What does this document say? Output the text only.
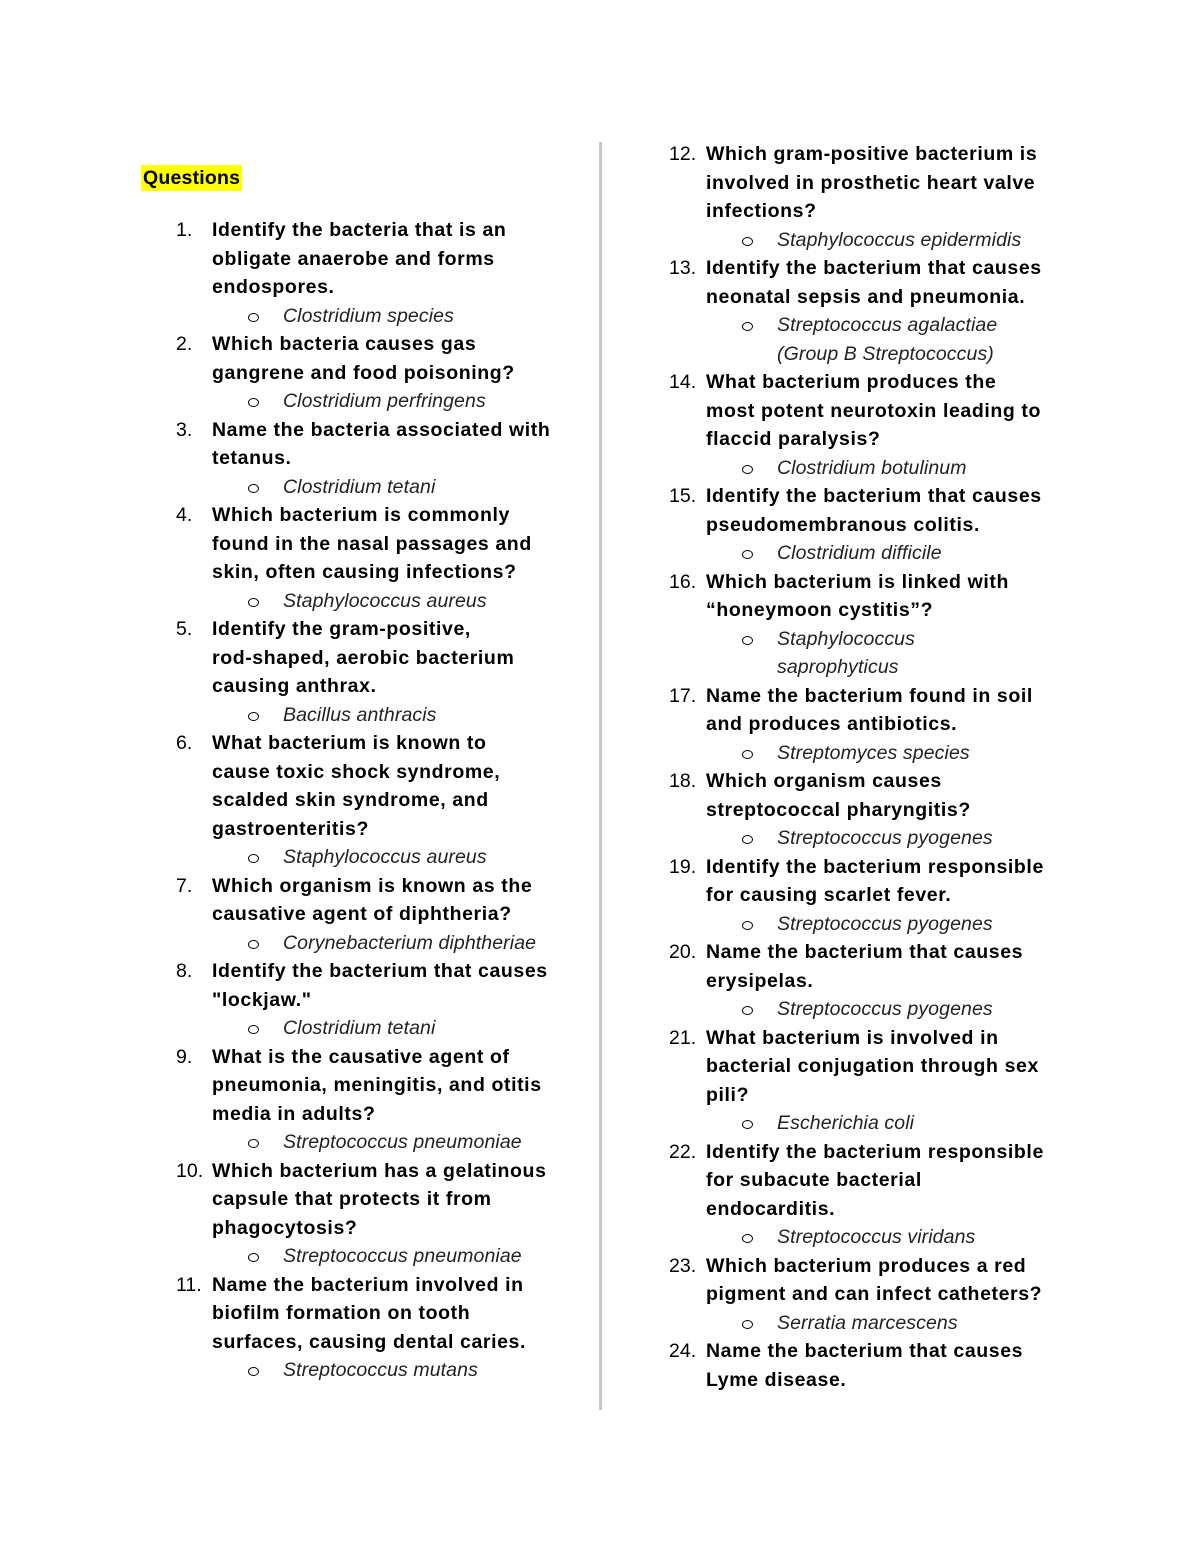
Questions
1. Identify the bacteria that is an
obligate anaerobe and forms
endospores.
Clostridium species
2. Which bacteria causes gas
gangrene and food poisoning?
Clostridium perfringens
3. Name the bacteria associated with
tetanus.
Clostridium tetani
4. Which bacterium is commonly
found in the nasal passages and
skin, often causing infections?
Staphylococcus aureus
5. Identify the gram-positive,
rod-shaped, aerobic bacterium
causing anthrax.
Bacillus anthracis
6. What bacterium is known to
cause toxic shock syndrome,
scalded skin syndrome, and
gastroenteritis?
Staphylococcus aureus
7. Which organism is known as the
causative agent of diphtheria?
Corynebacterium diphtheriae
8. Identify the bacterium that causes
"lockjaw."
Clostridium tetani
9. What is the causative agent of
pneumonia, meningitis, and otitis
media in adults?
Streptococcus pneumoniae
10. Which bacterium has a gelatinous
capsule that protects it from
phagocytosis?
Streptococcus pneumoniae
11. Name the bacterium involved in
biofilm formation on tooth
surfaces, causing dental caries.
Streptococcus mutans
12. Which gram-positive bacterium is
involved in prosthetic heart valve
infections?
Staphylococcus epidermidis
13. Identify the bacterium that causes
neonatal sepsis and pneumonia.
Streptococcus agalactiae
(Group B Streptococcus)
14. What bacterium produces the
most potent neurotoxin leading to
flaccid paralysis?
Clostridium botulinum
15. Identify the bacterium that causes
pseudomembranous colitis.
Clostridium difficile
16. Which bacterium is linked with
“honeymoon cystitis”?
Staphylococcus
saprophyticus
17. Name the bacterium found in soil
and produces antibiotics.
Streptomyces species
18. Which organism causes
streptococcal pharyngitis?
Streptococcus pyogenes
19. Identify the bacterium responsible
for causing scarlet fever.
Streptococcus pyogenes
20. Name the bacterium that causes
erysipelas.
Streptococcus pyogenes
21. What bacterium is involved in
bacterial conjugation through sex
pili?
Escherichia coli
22. Identify the bacterium responsible
for subacute bacterial
endocarditis.
Streptococcus viridans
23. Which bacterium produces a red
pigment and can infect catheters?
Serratia marcescens
24. Name the bacterium that causes
Lyme disease.
